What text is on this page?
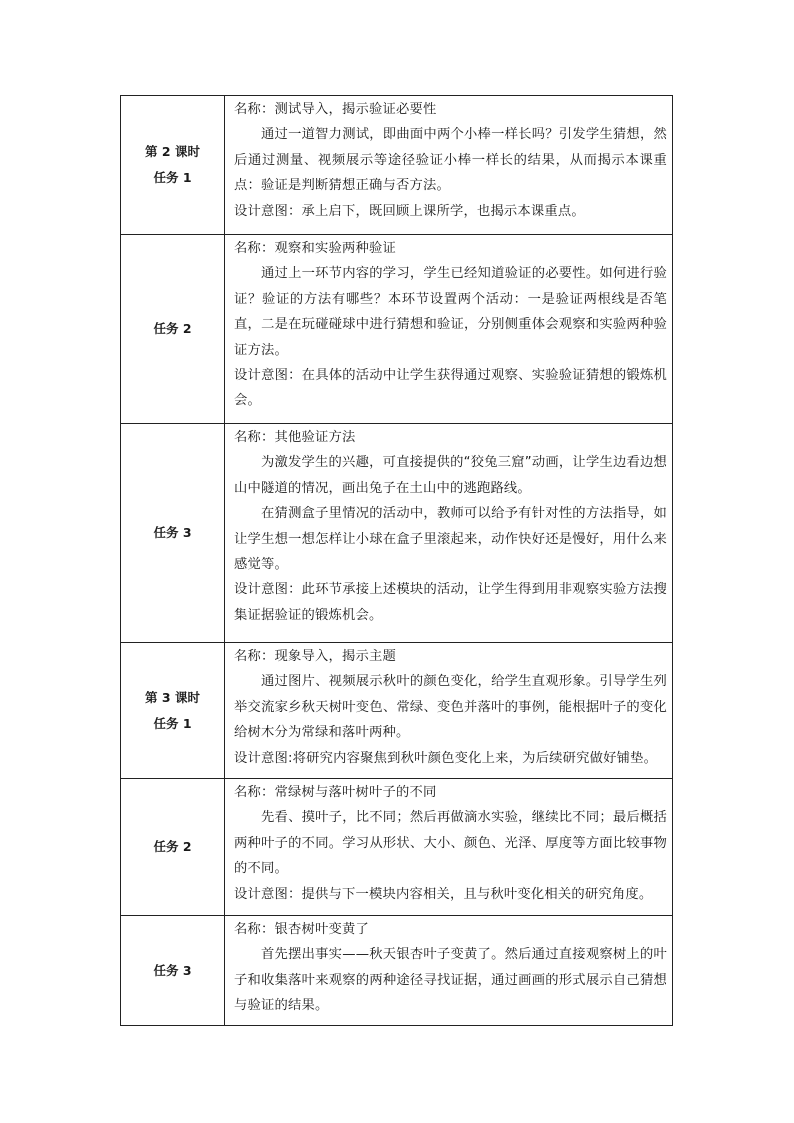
第 2 课时
任务 1	名称：测试导入，揭示验证必要性
通过一道智力测试，即曲面中两个小棒一样长吗？引发学生猜想，然后通过测量、视频展示等途径验证小棒一样长的结果，从而揭示本课重点：验证是判断猜想正确与否方法。
设计意图：承上启下，既回顾上课所学，也揭示本课重点。

任务 2	名称：观察和实验两种验证
通过上一环节内容的学习，学生已经知道验证的必要性。如何进行验证？验证的方法有哪些？本环节设置两个活动：一是验证两根线是否笔直，二是在玩碰碰球中进行猜想和验证，分别侧重体会观察和实验两种验证方法。
设计意图：在具体的活动中让学生获得通过观察、实验验证猜想的锻炼机会。

任务 3	名称：其他验证方法
为激发学生的兴趣，可直接提供的“狡兔三窟”动画，让学生边看边想山中隧道的情况，画出兔子在土山中的逃跑路线。
在猜测盒子里情况的活动中，教师可以给予有针对性的方法指导，如让学生想一想怎样让小球在盒子里滚起来，动作快好还是慢好，用什么来感觉等。
设计意图：此环节承接上述模块的活动，让学生得到用非观察实验方法搜集证据验证的锻炼机会。

第 3 课时
任务 1	名称：现象导入，揭示主题
通过图片、视频展示秋叶的颜色变化，给学生直观形象。引导学生列举交流家乡秋天树叶变色、常绿、变色并落叶的事例，能根据叶子的变化给树木分为常绿和落叶两种。
设计意图:将研究内容聚焦到秋叶颜色变化上来，为后续研究做好铺垫。

任务 2	名称：常绿树与落叶树叶子的不同
先看、摸叶子，比不同；然后再做滴水实验，继续比不同；最后概括两种叶子的不同。学习从形状、大小、颜色、光泽、厚度等方面比较事物的不同。
设计意图：提供与下一模块内容相关，且与秋叶变化相关的研究角度。

任务 3	名称：银杏树叶变黄了
首先摆出事实——秋天银杏叶子变黄了。然后通过直接观察树上的叶子和收集落叶来观察的两种途径寻找证据，通过画画的形式展示自己猜想与验证的结果。
